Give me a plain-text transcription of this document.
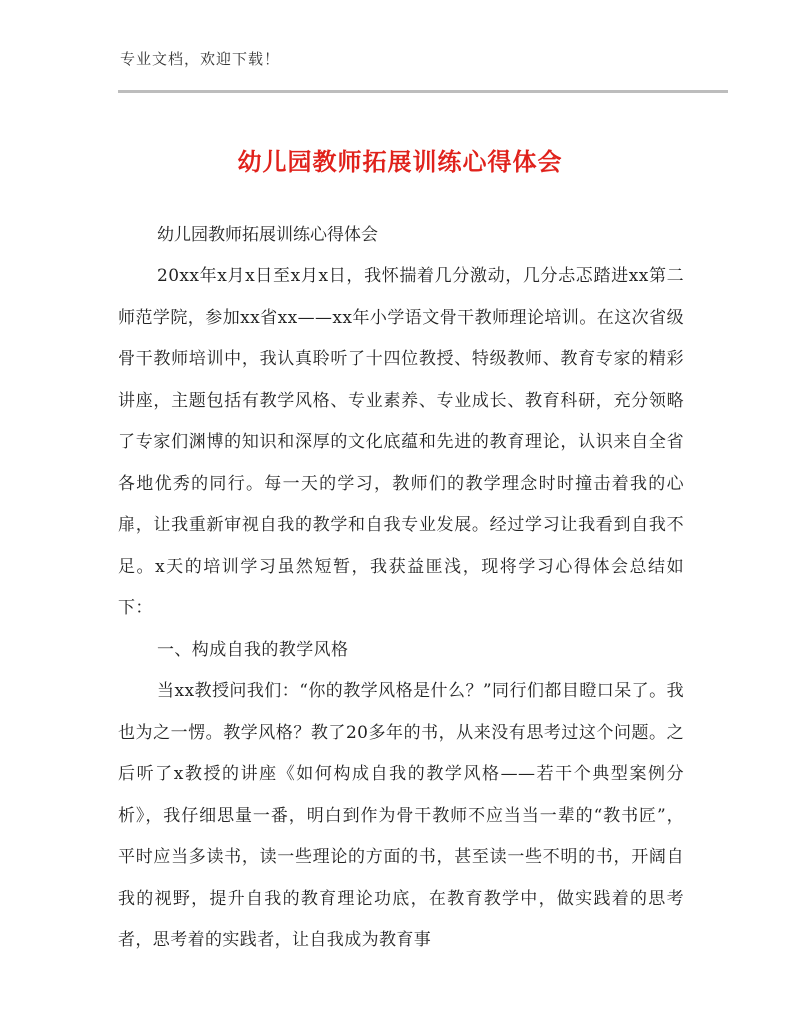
专业文档，欢迎下载！
幼儿园教师拓展训练心得体会

幼儿园教师拓展训练心得体会

20xx年x月x日至x月x日，我怀揣着几分激动，几分忐忑踏进xx第二师范学院，参加xx省xx——xx年小学语文骨干教师理论培训。在这次省级骨干教师培训中，我认真聆听了十四位教授、特级教师、教育专家的精彩讲座，主题包括有教学风格、专业素养、专业成长、教育科研，充分领略了专家们渊博的知识和深厚的文化底蕴和先进的教育理论，认识来自全省各地优秀的同行。每一天的学习，教师们的教学理念时时撞击着我的心扉，让我重新审视自我的教学和自我专业发展。经过学习让我看到自我不足。x天的培训学习虽然短暂，我获益匪浅，现将学习心得体会总结如下：

一、构成自我的教学风格

当xx教授问我们：“你的教学风格是什么？”同行们都目瞪口呆了。我也为之一愣。教学风格？教了20多年的书，从来没有思考过这个问题。之后听了x教授的讲座《如何构成自我的教学风格——若干个典型案例分析》，我仔细思量一番，明白到作为骨干教师不应当当一辈的“教书匠”，平时应当多读书，读一些理论的方面的书，甚至读一些不明的书，开阔自我的视野，提升自我的教育理论功底，在教育教学中，做实践着的思考者，思考着的实践者，让自我成为教育事
